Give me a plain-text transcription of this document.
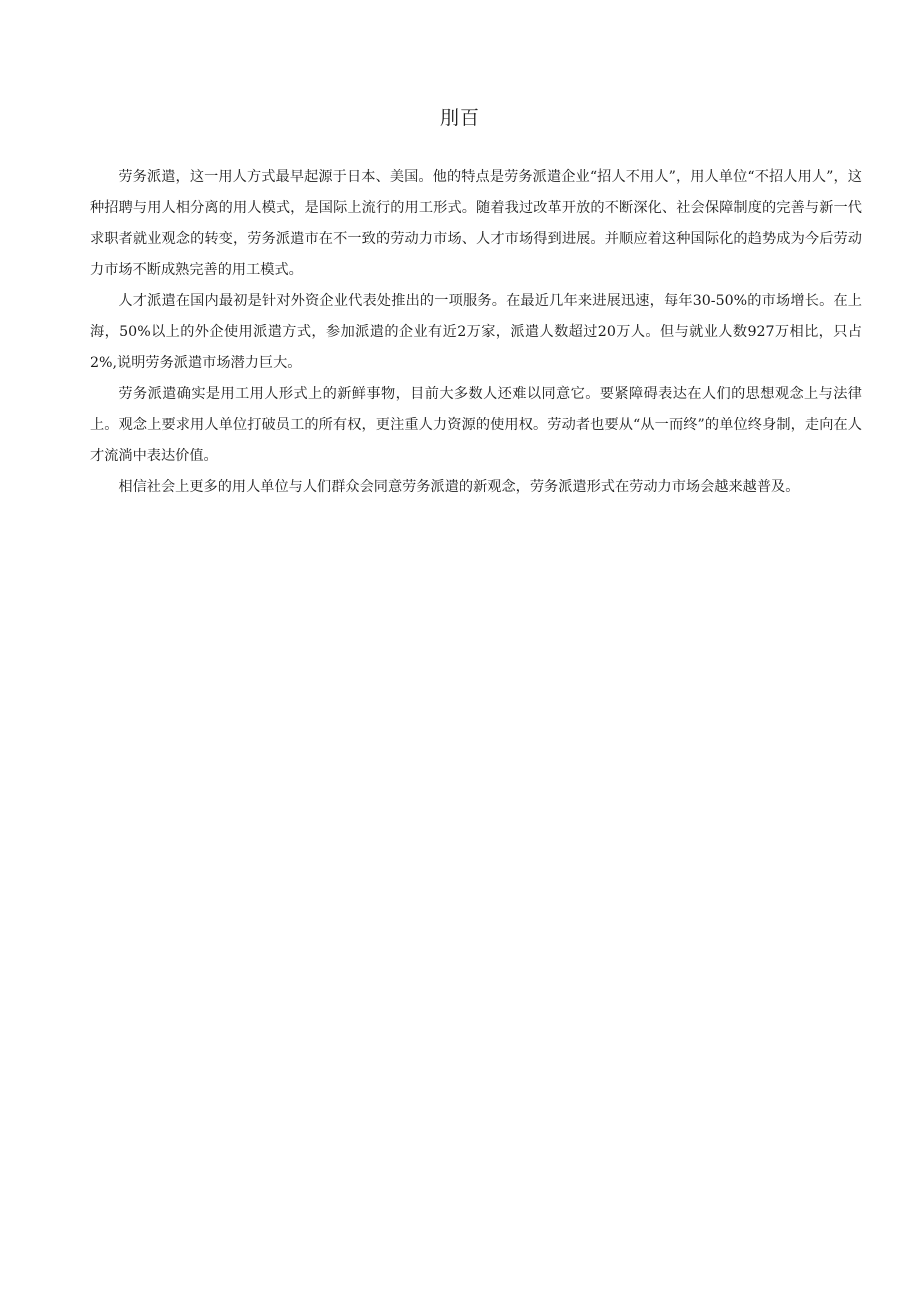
刖百

劳务派遣，这一用人方式最早起源于日本、美国。他的特点是劳务派遣企业“招人不用人”，用人单位“不招人用人”，这种招聘与用人相分离的用人模式，是国际上流行的用工形式。随着我过改革开放的不断深化、社会保障制度的完善与新一代求职者就业观念的转变，劳务派遣市在不一致的劳动力市场、人才市场得到进展。并顺应着这种国际化的趋势成为今后劳动力市场不断成熟完善的用工模式。

人才派遣在国内最初是针对外资企业代表处推出的一项服务。在最近几年来进展迅速，每年30-50%的市场增长。在上海，50%以上的外企使用派遣方式，参加派遣的企业有近2万家，派遣人数超过20万人。但与就业人数927万相比，只占2%,说明劳务派遣市场潜力巨大。

劳务派遣确实是用工用人形式上的新鲜事物，目前大多数人还难以同意它。要紧障碍表达在人们的思想观念上与法律上。观念上要求用人单位打破员工的所有权，更注重人力资源的使用权。劳动者也要从“从一而终”的单位终身制，走向在人才流淌中表达价值。

相信社会上更多的用人单位与人们群众会同意劳务派遣的新观念，劳务派遣形式在劳动力市场会越来越普及。
